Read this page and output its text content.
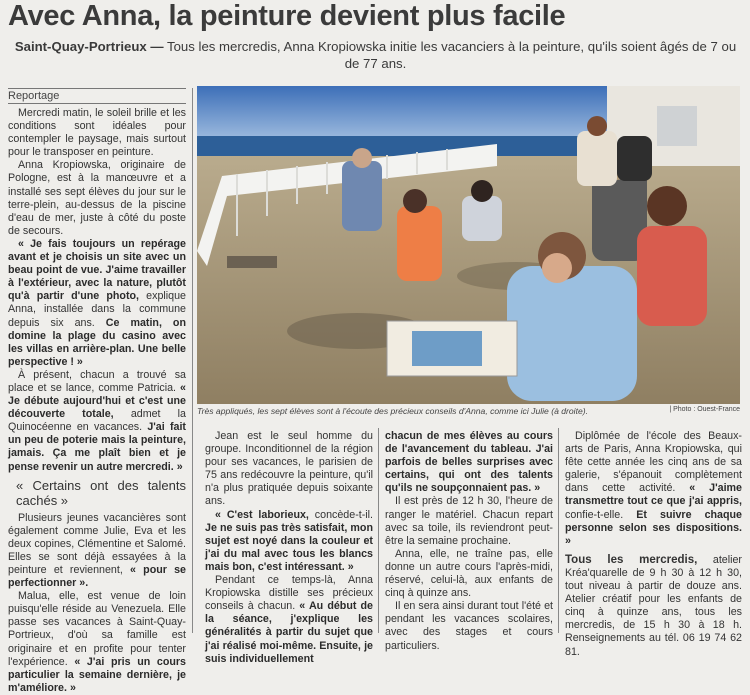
Avec Anna, la peinture devient plus facile
Saint-Quay-Portrieux — Tous les mercredis, Anna Kropiowska initie les vacanciers à la peinture, qu'ils soient âgés de 7 ou de 77 ans.
Reportage

Mercredi matin, le soleil brille et les conditions sont idéales pour contempler le paysage, mais surtout pour le transposer en peinture.

Anna Kropiowska, originaire de Pologne, est à la manœuvre et a installé ses sept élèves du jour sur le terre-plein, au-dessus de la piscine d'eau de mer, juste à côté du poste de secours.

« Je fais toujours un repérage avant et je choisis un site avec un beau point de vue. J'aime travailler à l'extérieur, avec la nature, plutôt qu'à partir d'une photo, explique Anna, installée dans la commune depuis six ans. Ce matin, on domine la plage du casino avec les villas en arrière-plan. Une belle perspective ! »

À présent, chacun a trouvé sa place et se lance, comme Patricia. « Je débute aujourd'hui et c'est une découverte totale, admet la Quinocéenne en vacances. J'ai fait un peu de poterie mais la peinture, jamais. Ça me plaît bien et je pense revenir un autre mercredi. »

« Certains ont des talents cachés »

Plusieurs jeunes vacancières sont également comme Julie, Eva et les deux copines, Clémentine et Salomé. Elles se sont déjà essayées à la peinture et reviennent, « pour se perfectionner ».

Malua, elle, est venue de loin puisqu'elle réside au Venezuela. Elle passe ses vacances à Saint-Quay-Portrieux, d'où sa famille est originaire et en profite pour tenter l'expérience. « J'ai pris un cours particulier la semaine dernière, je m'améliore. »

Très appliqués, les sept élèves sont à l'écoute des précieux conseils d'Anna, comme ici Julie (à droite).	| Photo : Ouest-France

Jean est le seul homme du groupe. Inconditionnel de la région pour ses vacances, le parisien de 75 ans redécouvre la peinture, qu'il n'a plus pratiquée depuis soixante ans.

« C'est laborieux, concède-t-il. Je ne suis pas très satisfait, mon sujet est noyé dans la couleur et j'ai du mal avec tous les blancs mais bon, c'est intéressant. »

Pendant ce temps-là, Anna Kropiowska distille ses précieux conseils à chacun. « Au début de la séance, j'explique les généralités à partir du sujet que j'ai réalisé moi-même. Ensuite, je suis individuellement

chacun de mes élèves au cours de l'avancement du tableau. J'ai parfois de belles surprises avec certains, qui ont des talents qu'ils ne soupçonnaient pas. »

Il est près de 12 h 30, l'heure de ranger le matériel. Chacun repart avec sa toile, ils reviendront peut-être la semaine prochaine.

Anna, elle, ne traîne pas, elle donne un autre cours l'après-midi, réservé, celui-là, aux enfants de cinq à quinze ans.

Il en sera ainsi durant tout l'été et pendant les vacances scolaires, avec des stages et cours particuliers.

Diplômée de l'école des Beaux-arts de Paris, Anna Kropiowska, qui fête cette année les cinq ans de sa galerie, s'épanouit complètement dans cette activité. « J'aime transmettre tout ce que j'ai appris, confie-t-elle. Et suivre chaque personne selon ses dispositions. »

Tous les mercredis, atelier Kréa'quarelle de 9 h 30 à 12 h 30, tout niveau à partir de douze ans. Atelier créatif pour les enfants de cinq à quinze ans, tous les mercredis, de 15 h 30 à 18 h. Renseignements au tél. 06 19 74 62 81.
